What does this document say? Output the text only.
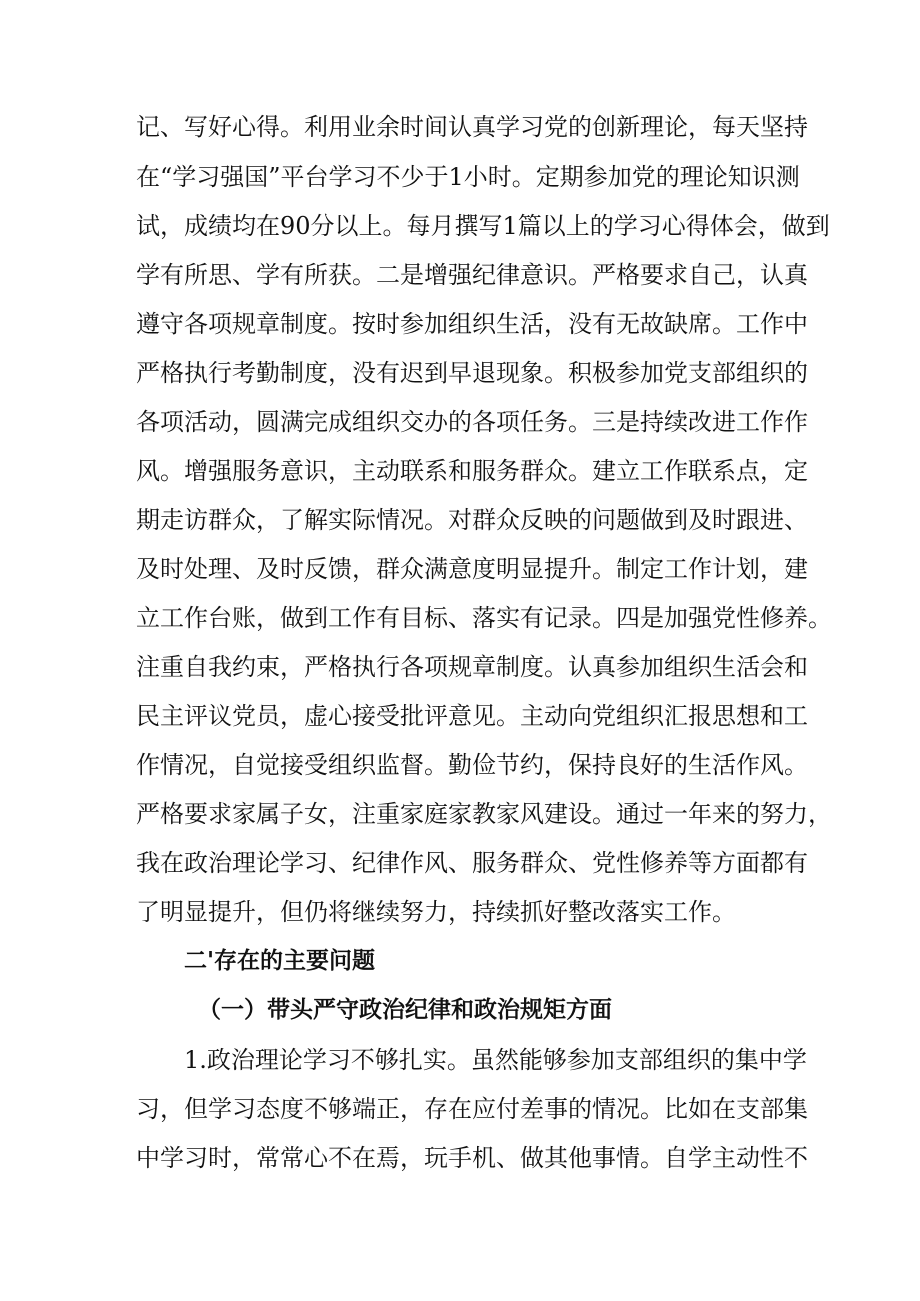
记、写好心得。利用业余时间认真学习党的创新理论，每天坚持
在“学习强国”平台学习不少于1小时。定期参加党的理论知识测
试，成绩均在90分以上。每月撰写1篇以上的学习心得体会，做到
学有所思、学有所获。二是增强纪律意识。严格要求自己，认真
遵守各项规章制度。按时参加组织生活，没有无故缺席。工作中
严格执行考勤制度，没有迟到早退现象。积极参加党支部组织的
各项活动，圆满完成组织交办的各项任务。三是持续改进工作作
风。增强服务意识，主动联系和服务群众。建立工作联系点，定
期走访群众，了解实际情况。对群众反映的问题做到及时跟进、
及时处理、及时反馈，群众满意度明显提升。制定工作计划，建
立工作台账，做到工作有目标、落实有记录。四是加强党性修养。
注重自我约束，严格执行各项规章制度。认真参加组织生活会和
民主评议党员，虚心接受批评意见。主动向党组织汇报思想和工
作情况，自觉接受组织监督。勤俭节约，保持良好的生活作风。
严格要求家属子女，注重家庭家教家风建设。通过一年来的努力，
我在政治理论学习、纪律作风、服务群众、党性修养等方面都有
了明显提升，但仍将继续努力，持续抓好整改落实工作。
二'存在的主要问题
（一）带头严守政治纪律和政治规矩方面
1.政治理论学习不够扎实。虽然能够参加支部组织的集中学
习，但学习态度不够端正，存在应付差事的情况。比如在支部集
中学习时，常常心不在焉，玩手机、做其他事情。自学主动性不
